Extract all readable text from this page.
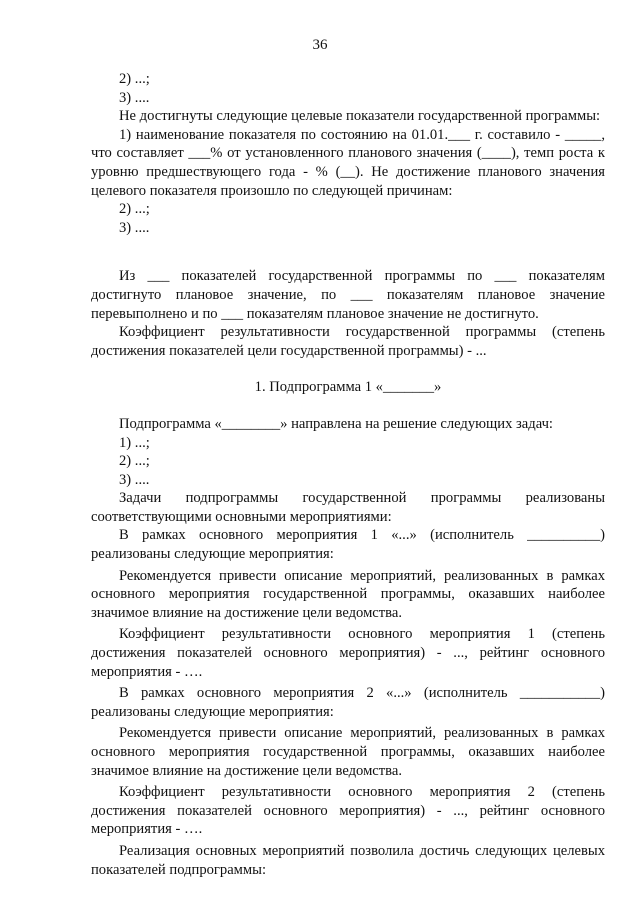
36

2) ...;

3) ....

Не достигнуты следующие целевые показатели государственной программы:

1) наименование показателя по состоянию на 01.01.___ г. составило - _____, что составляет ___% от установленного планового значения (____), темп роста к уровню предшествующего года - % (__). Не достижение планового значения целевого показателя произошло по следующей причинам:

2) ...;

3) ....

Из ___ показателей государственной программы по ___ показателям достигнуто плановое значение, по ___ показателям плановое значение перевыполнено и по ___ показателям плановое значение не достигнуто.

Коэффициент результативности государственной программы (степень достижения показателей цели государственной программы) - ...

1. Подпрограмма 1 «_______»

Подпрограмма «________» направлена на решение следующих задач:

1) ...;

2) ...;

3) ....

Задачи подпрограммы государственной программы реализованы соответствующими основными мероприятиями:

В рамках основного мероприятия 1 «...» (исполнитель __________) реализованы следующие мероприятия:

Рекомендуется привести описание мероприятий, реализованных в рамках основного мероприятия государственной программы, оказавших наиболее значимое влияние на достижение цели ведомства.

Коэффициент результативности основного мероприятия 1 (степень достижения показателей основного мероприятия) - ..., рейтинг основного мероприятия - ….

В рамках основного мероприятия 2 «...» (исполнитель ___________) реализованы следующие мероприятия:

Рекомендуется привести описание мероприятий, реализованных в рамках основного мероприятия государственной программы, оказавших наиболее значимое влияние на достижение цели ведомства.

Коэффициент результативности основного мероприятия 2 (степень достижения показателей основного мероприятия) - ..., рейтинг основного мероприятия - ….

Реализация основных мероприятий позволила достичь следующих целевых показателей подпрограммы:
